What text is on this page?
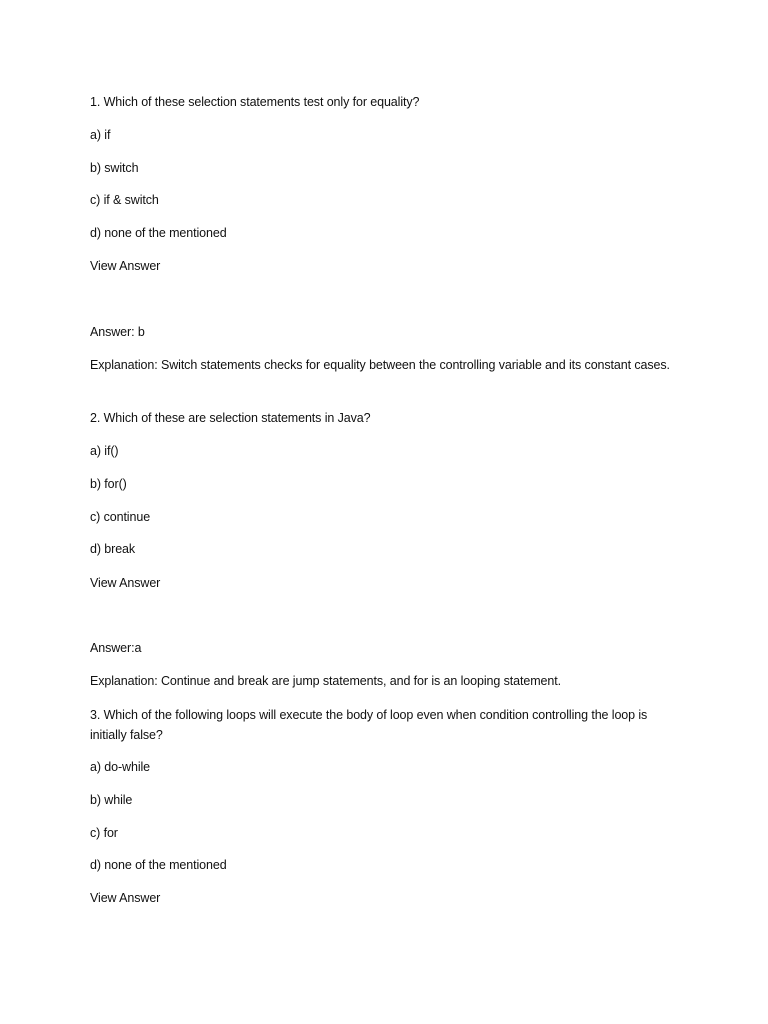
1. Which of these selection statements test only for equality?
a) if
b) switch
c) if & switch
d) none of the mentioned
View Answer
Answer: b
Explanation: Switch statements checks for equality between the controlling variable and its constant cases.
2. Which of these are selection statements in Java?
a) if()
b) for()
c) continue
d) break
View Answer
Answer:a
Explanation: Continue and break are jump statements, and for is an looping statement.
3. Which of the following loops will execute the body of loop even when condition controlling the loop is initially false?
a) do-while
b) while
c) for
d) none of the mentioned
View Answer
